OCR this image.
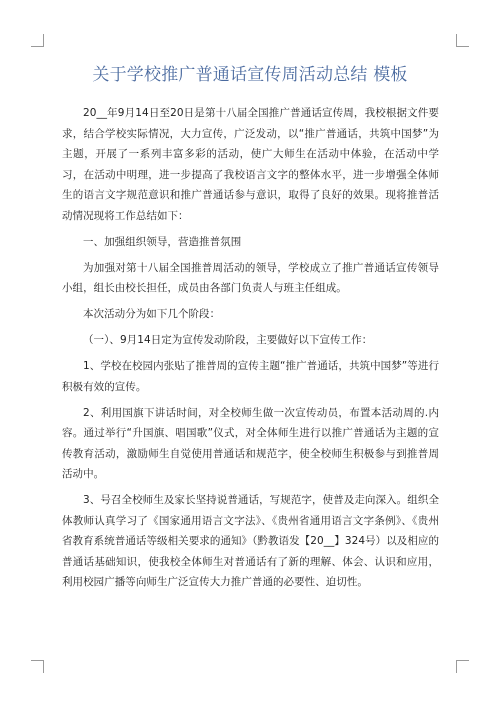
关于学校推广普通话宣传周活动总结 模板

20__年9月14日至20日是第十八届全国推广普通话宣传周，我校根据文件要求，结合学校实际情况，大力宣传，广泛发动，以“推广普通话，共筑中国梦”为主题，开展了一系列丰富多彩的活动，使广大师生在活动中体验，在活动中学习，在活动中明理，进一步提高了我校语言文字的整体水平，进一步增强全体师生的语言文字规范意识和推广普通话参与意识，取得了良好的效果。现将推普活动情况现将工作总结如下：

一、加强组织领导，营造推普氛围

为加强对第十八届全国推普周活动的领导，学校成立了推广普通话宣传领导小组，组长由校长担任，成员由各部门负责人与班主任组成。

本次活动分为如下几个阶段：

（一）、9月14日定为宣传发动阶段，主要做好以下宣传工作：

1、学校在校园内张贴了推普周的宣传主题“推广普通话，共筑中国梦”等进行积极有效的宣传。

2、利用国旗下讲话时间，对全校师生做一次宣传动员，布置本活动周的.内容。通过举行“升国旗、唱国歌”仪式，对全体师生进行以推广普通话为主题的宣传教育活动，激励师生自觉使用普通话和规范字，使全校师生积极参与到推普周活动中。

3、号召全校师生及家长坚持说普通话，写规范字，使普及走向深入。组织全体教师认真学习了《国家通用语言文字法》、《贵州省通用语言文字条例》、《贵州省教育系统普通话等级相关要求的通知》（黔教语发【20__】324号）以及相应的普通话基础知识，使我校全体师生对普通话有了新的理解、体会、认识和应用，利用校园广播等向师生广泛宣传大力推广普通的必要性、迫切性。
